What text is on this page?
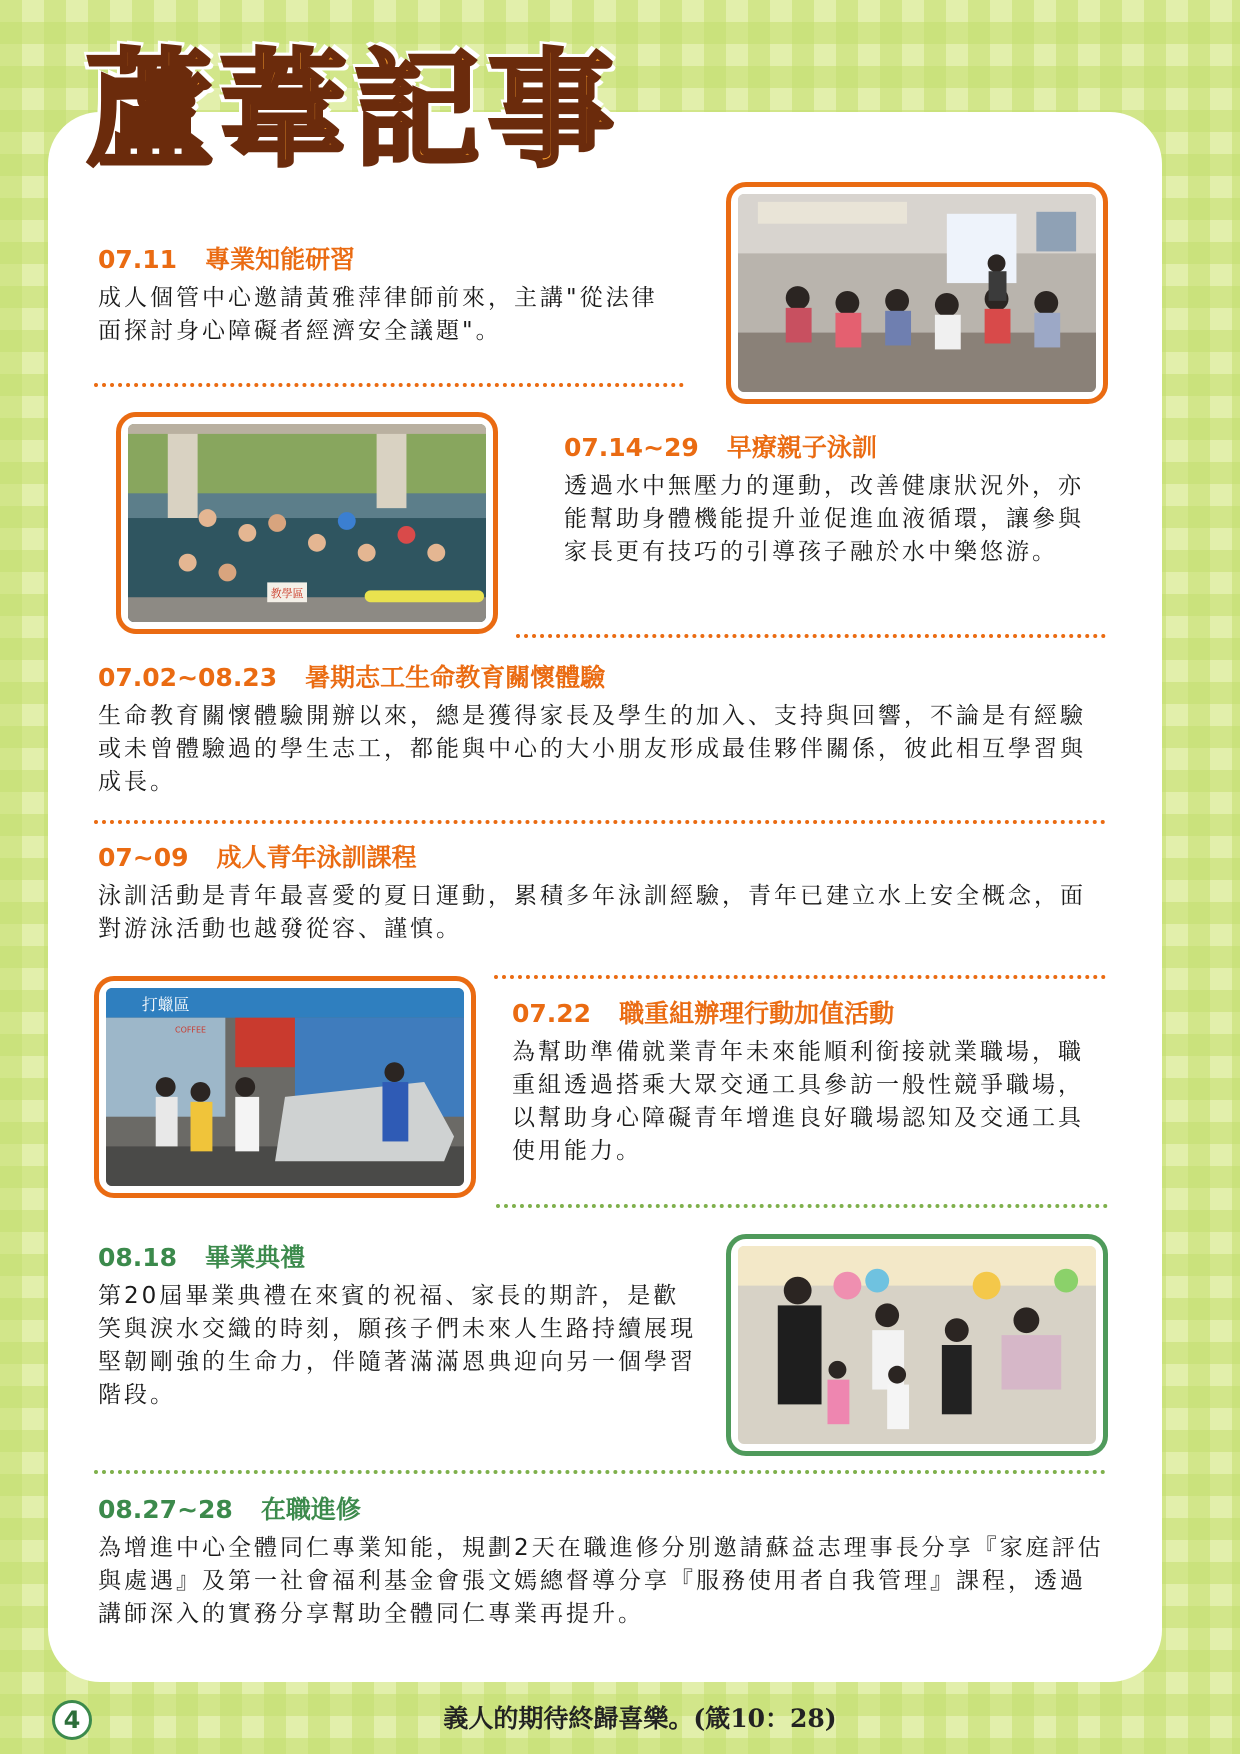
蘆 葦 記 事
07.11 專業知能研習

成人個管中心邀請黃雅萍律師前來，主講"從法律面探討身心障礙者經濟安全議題"。

教學區
07.14~29 早療親子泳訓

透過水中無壓力的運動，改善健康狀況外，亦能幫助身體機能提升並促進血液循環，讓參與家長更有技巧的引導孩子融於水中樂悠游。

07.02~08.23 暑期志工生命教育關懷體驗

生命教育關懷體驗開辦以來，總是獲得家長及學生的加入、支持與回響，不論是有經驗或未曾體驗過的學生志工，都能與中心的大小朋友形成最佳夥伴關係，彼此相互學習與成長。

07~09 成人青年泳訓課程

泳訓活動是青年最喜愛的夏日運動，累積多年泳訓經驗，青年已建立水上安全概念，面對游泳活動也越發從容、謹慎。

打蠟區
COFFEE
07.22 職重組辦理行動加值活動

為幫助準備就業青年未來能順利銜接就業職場，職重組透過搭乘大眾交通工具參訪一般性競爭職場，以幫助身心障礙青年增進良好職場認知及交通工具使用能力。

08.18 畢業典禮

第20屆畢業典禮在來賓的祝福、家長的期許，是歡笑與淚水交織的時刻，願孩子們未來人生路持續展現堅韌剛強的生命力，伴隨著滿滿恩典迎向另一個學習階段。

08.27~28 在職進修

為增進中心全體同仁專業知能，規劃2天在職進修分別邀請蘇益志理事長分享『家庭評估與處遇』及第一社會福利基金會張文嫣總督導分享『服務使用者自我管理』課程，透過講師深入的實務分享幫助全體同仁專業再提升。

4	義人的期待終歸喜樂。(箴10：28)
